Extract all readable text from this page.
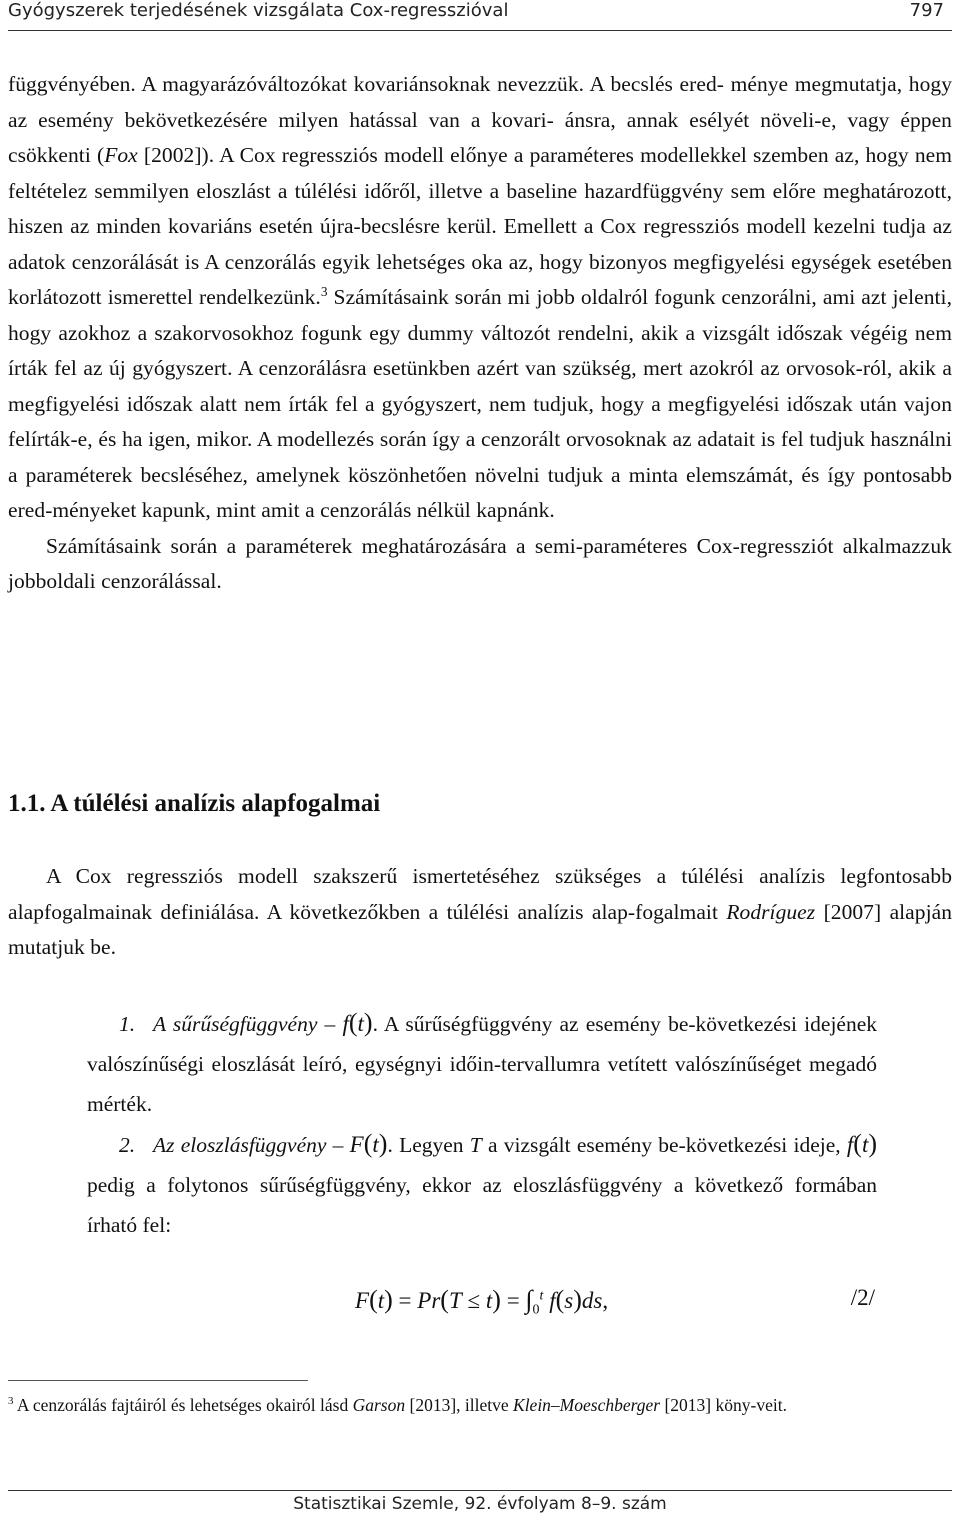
Gyógyszerek terjedésének vizsgálata Cox-regresszióval	797

függvényében. A magyarázóváltozókat kovariánsoknak nevezzük. A becslés ered- ménye megmutatja, hogy az esemény bekövetkezésére milyen hatással van a kovari- ánsra, annak esélyét növeli-e, vagy éppen csökkenti (Fox [2002]). A Cox regressziós modell előnye a paraméteres modellekkel szemben az, hogy nem feltételez semmilyen eloszlást a túlélési időről, illetve a baseline hazardfüggvény sem előre meghatározott, hiszen az minden kovariáns esetén újra-becslésre kerül. Emellett a Cox regressziós modell kezelni tudja az adatok cenzorálását is A cenzorálás egyik lehetséges oka az, hogy bizonyos megfigyelési egységek esetében korlátozott ismerettel rendelkezünk.$^3$ Számításaink során mi jobb oldalról fogunk cenzorálni, ami azt jelenti, hogy azokhoz a szakorvosokhoz fogunk egy dummy változót rendelni, akik a vizsgált időszak végéig nem írták fel az új gyógyszert. A cenzorálásra esetünkben azért van szükség, mert azokról az orvosok-ról, akik a megfigyelési időszak alatt nem írták fel a gyógyszert, nem tudjuk, hogy a megfigyelési időszak után vajon felírták-e, és ha igen, mikor. A modellezés során így a cenzorált orvosoknak az adatait is fel tudjuk használni a paraméterek becsléséhez, amelynek köszönhetően növelni tudjuk a minta elemszámát, és így pontosabb ered-ményeket kapunk, mint amit a cenzorálás nélkül kapnánk.

Számításaink során a paraméterek meghatározására a semi-paraméteres Cox-regressziót alkalmazzuk jobboldali cenzorálással.

1.1. A túlélési analízis alapfogalmai

A Cox regressziós modell szakszerű ismertetéséhez szükséges a túlélési analízis legfontosabb alapfogalmainak definiálása. A következőkben a túlélési analízis alap-fogalmait Rodríguez [2007] alapján mutatjuk be.

1. A sűrűségfüggvény – f(t). A sűrűségfüggvény az esemény be-következési idejének valószínűségi eloszlását leíró, egységnyi időin-tervallumra vetített valószínűséget megadó mérték.

2. Az eloszlásfüggvény – F(t). Legyen T a vizsgált esemény be-következési ideje, f(t) pedig a folytonos sűrűségfüggvény, ekkor az eloszlásfüggvény a következő formában írható fel:

$F(t) = Pr(T \le t) = \int_0^t$ f(s)ds,	/2/
$^3$ A cenzorálás fajtáiról és lehetséges okairól lásd Garson [2013], illetve Klein–Moeschberger [2013] köny-veit.
Statisztikai Szemle, 92. évfolyam 8–9. szám
